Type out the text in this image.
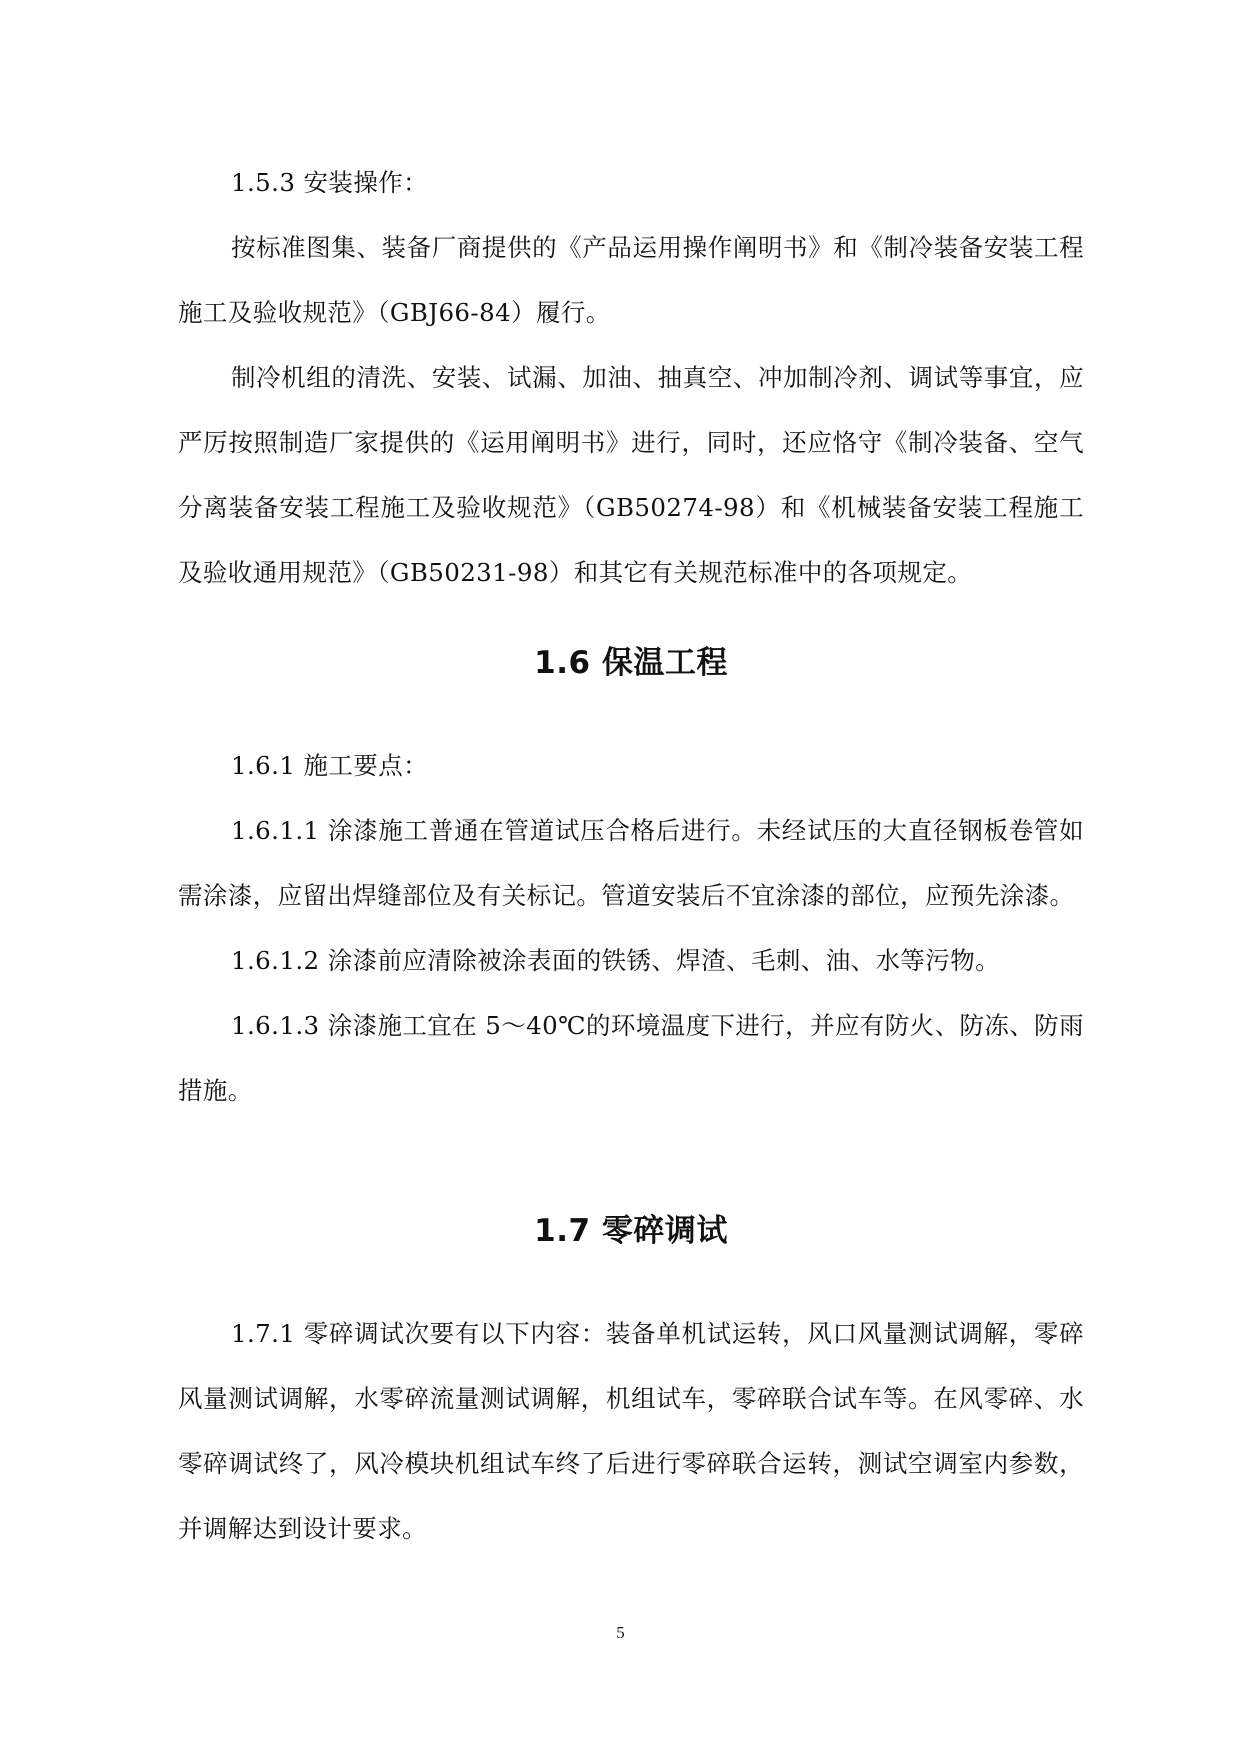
1.5.3 安装操作：

按标准图集、装备厂商提供的《产品运用操作阐明书》和《制冷装备安装工程施工及验收规范》（GBJ66-84）履行。

制冷机组的清洗、安装、试漏、加油、抽真空、冲加制冷剂、调试等事宜，应严厉按照制造厂家提供的《运用阐明书》进行，同时，还应恪守《制冷装备、空气分离装备安装工程施工及验收规范》（GB50274-98）和《机械装备安装工程施工及验收通用规范》（GB50231-98）和其它有关规范标准中的各项规定。

1.6 保温工程

1.6.1 施工要点：

1.6.1.1 涂漆施工普通在管道试压合格后进行。未经试压的大直径钢板卷管如需涂漆，应留出焊缝部位及有关标记。管道安装后不宜涂漆的部位，应预先涂漆。

1.6.1.2 涂漆前应清除被涂表面的铁锈、焊渣、毛刺、油、水等污物。

1.6.1.3 涂漆施工宜在 5～40℃的环境温度下进行，并应有防火、防冻、防雨措施。

1.7 零碎调试

1.7.1 零碎调试次要有以下内容：装备单机试运转，风口风量测试调解，零碎风量测试调解，水零碎流量测试调解，机组试车，零碎联合试车等。在风零碎、水零碎调试终了，风冷模块机组试车终了后进行零碎联合运转，测试空调室内参数，并调解达到设计要求。

5
